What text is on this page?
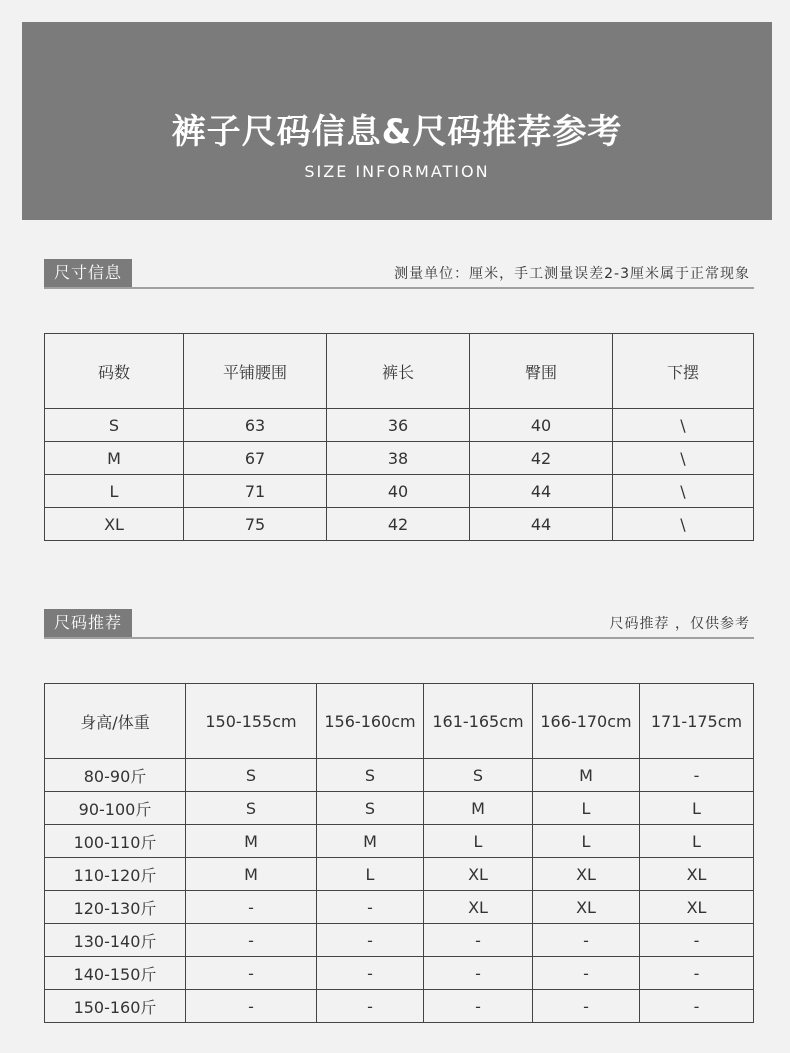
裤子尺码信息&尺码推荐参考
SIZE INFORMATION
尺寸信息	测量单位：厘米，手工测量误差2-3厘米属于正常现象
码数	平铺腰围	裤长	臀围	下摆
S	63	36	40	\
M	67	38	42	\
L	71	40	44	\
XL	75	42	44	\
尺码推荐	尺码推荐 ，仅供参考
身高/体重	150-155cm	156-160cm	161-165cm	166-170cm	171-175cm
80-90斤	S	S	S	M	-
90-100斤	S	S	M	L	L
100-110斤	M	M	L	L	L
110-120斤	M	L	XL	XL	XL
120-130斤	-	-	XL	XL	XL
130-140斤	-	-	-	-	-
140-150斤	-	-	-	-	-
150-160斤	-	-	-	-	-
